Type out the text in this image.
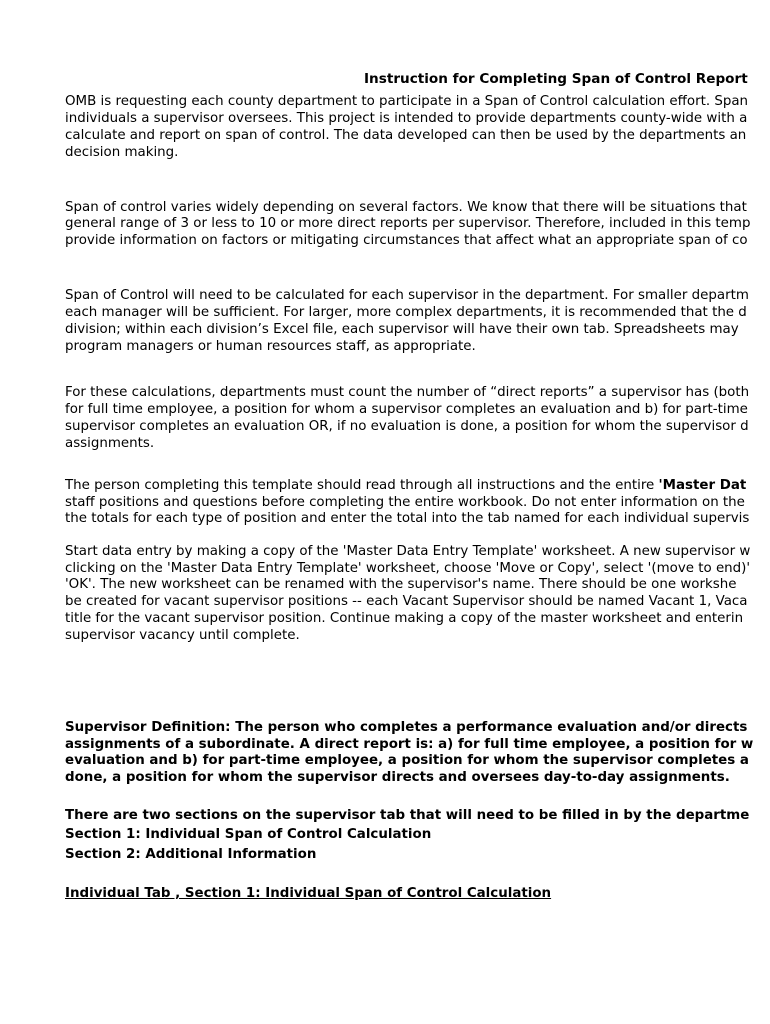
Instruction for Completing Span of Control Report
OMB is requesting each county department to participate in a Span of Control calculation effort. Span
individuals a supervisor oversees. This project is intended to provide departments county-wide with a
calculate and report on span of control. The data developed can then be used by the departments an
decision making.
Span of control varies widely depending on several factors. We know that there will be situations that
general range of 3 or less to 10 or more direct reports per supervisor. Therefore, included in this temp
provide information on factors or mitigating circumstances that affect what an appropriate span of co
Span of Control will need to be calculated for each supervisor in the department. For smaller departm
each manager will be sufficient. For larger, more complex departments, it is recommended that the d
division; within each division’s Excel file, each supervisor will have their own tab. Spreadsheets may
program managers or human resources staff, as appropriate.
For these calculations, departments must count the number of “direct reports” a supervisor has (both
for full time employee, a position for whom a supervisor completes an evaluation and b) for part-time
supervisor completes an evaluation OR, if no evaluation is done, a position for whom the supervisor d
assignments.
The person completing this template should read through all instructions and the entire 'Master Dat
staff positions and questions before completing the entire workbook. Do not enter information on the
the totals for each type of position and enter the total into the tab named for each individual supervis
Start data entry by making a copy of the 'Master Data Entry Template' worksheet. A new supervisor w
clicking on the 'Master Data Entry Template' worksheet, choose 'Move or Copy', select '(move to end)'
'OK'. The new worksheet can be renamed with the supervisor's name. There should be one workshe
be created for vacant supervisor positions -- each Vacant Supervisor should be named Vacant 1, Vaca
title for the vacant supervisor position. Continue making a copy of the master worksheet and enterin
supervisor vacancy until complete.
Supervisor Definition: The person who completes a performance evaluation and/or directs
assignments of a subordinate. A direct report is: a) for full time employee, a position for w
evaluation and b) for part-time employee, a position for whom the supervisor completes a
done, a position for whom the supervisor directs and oversees day-to-day assignments.
There are two sections on the supervisor tab that will need to be filled in by the departme
Section 1: Individual Span of Control Calculation
Section 2: Additional Information
Individual Tab , Section 1: Individual Span of Control Calculation
